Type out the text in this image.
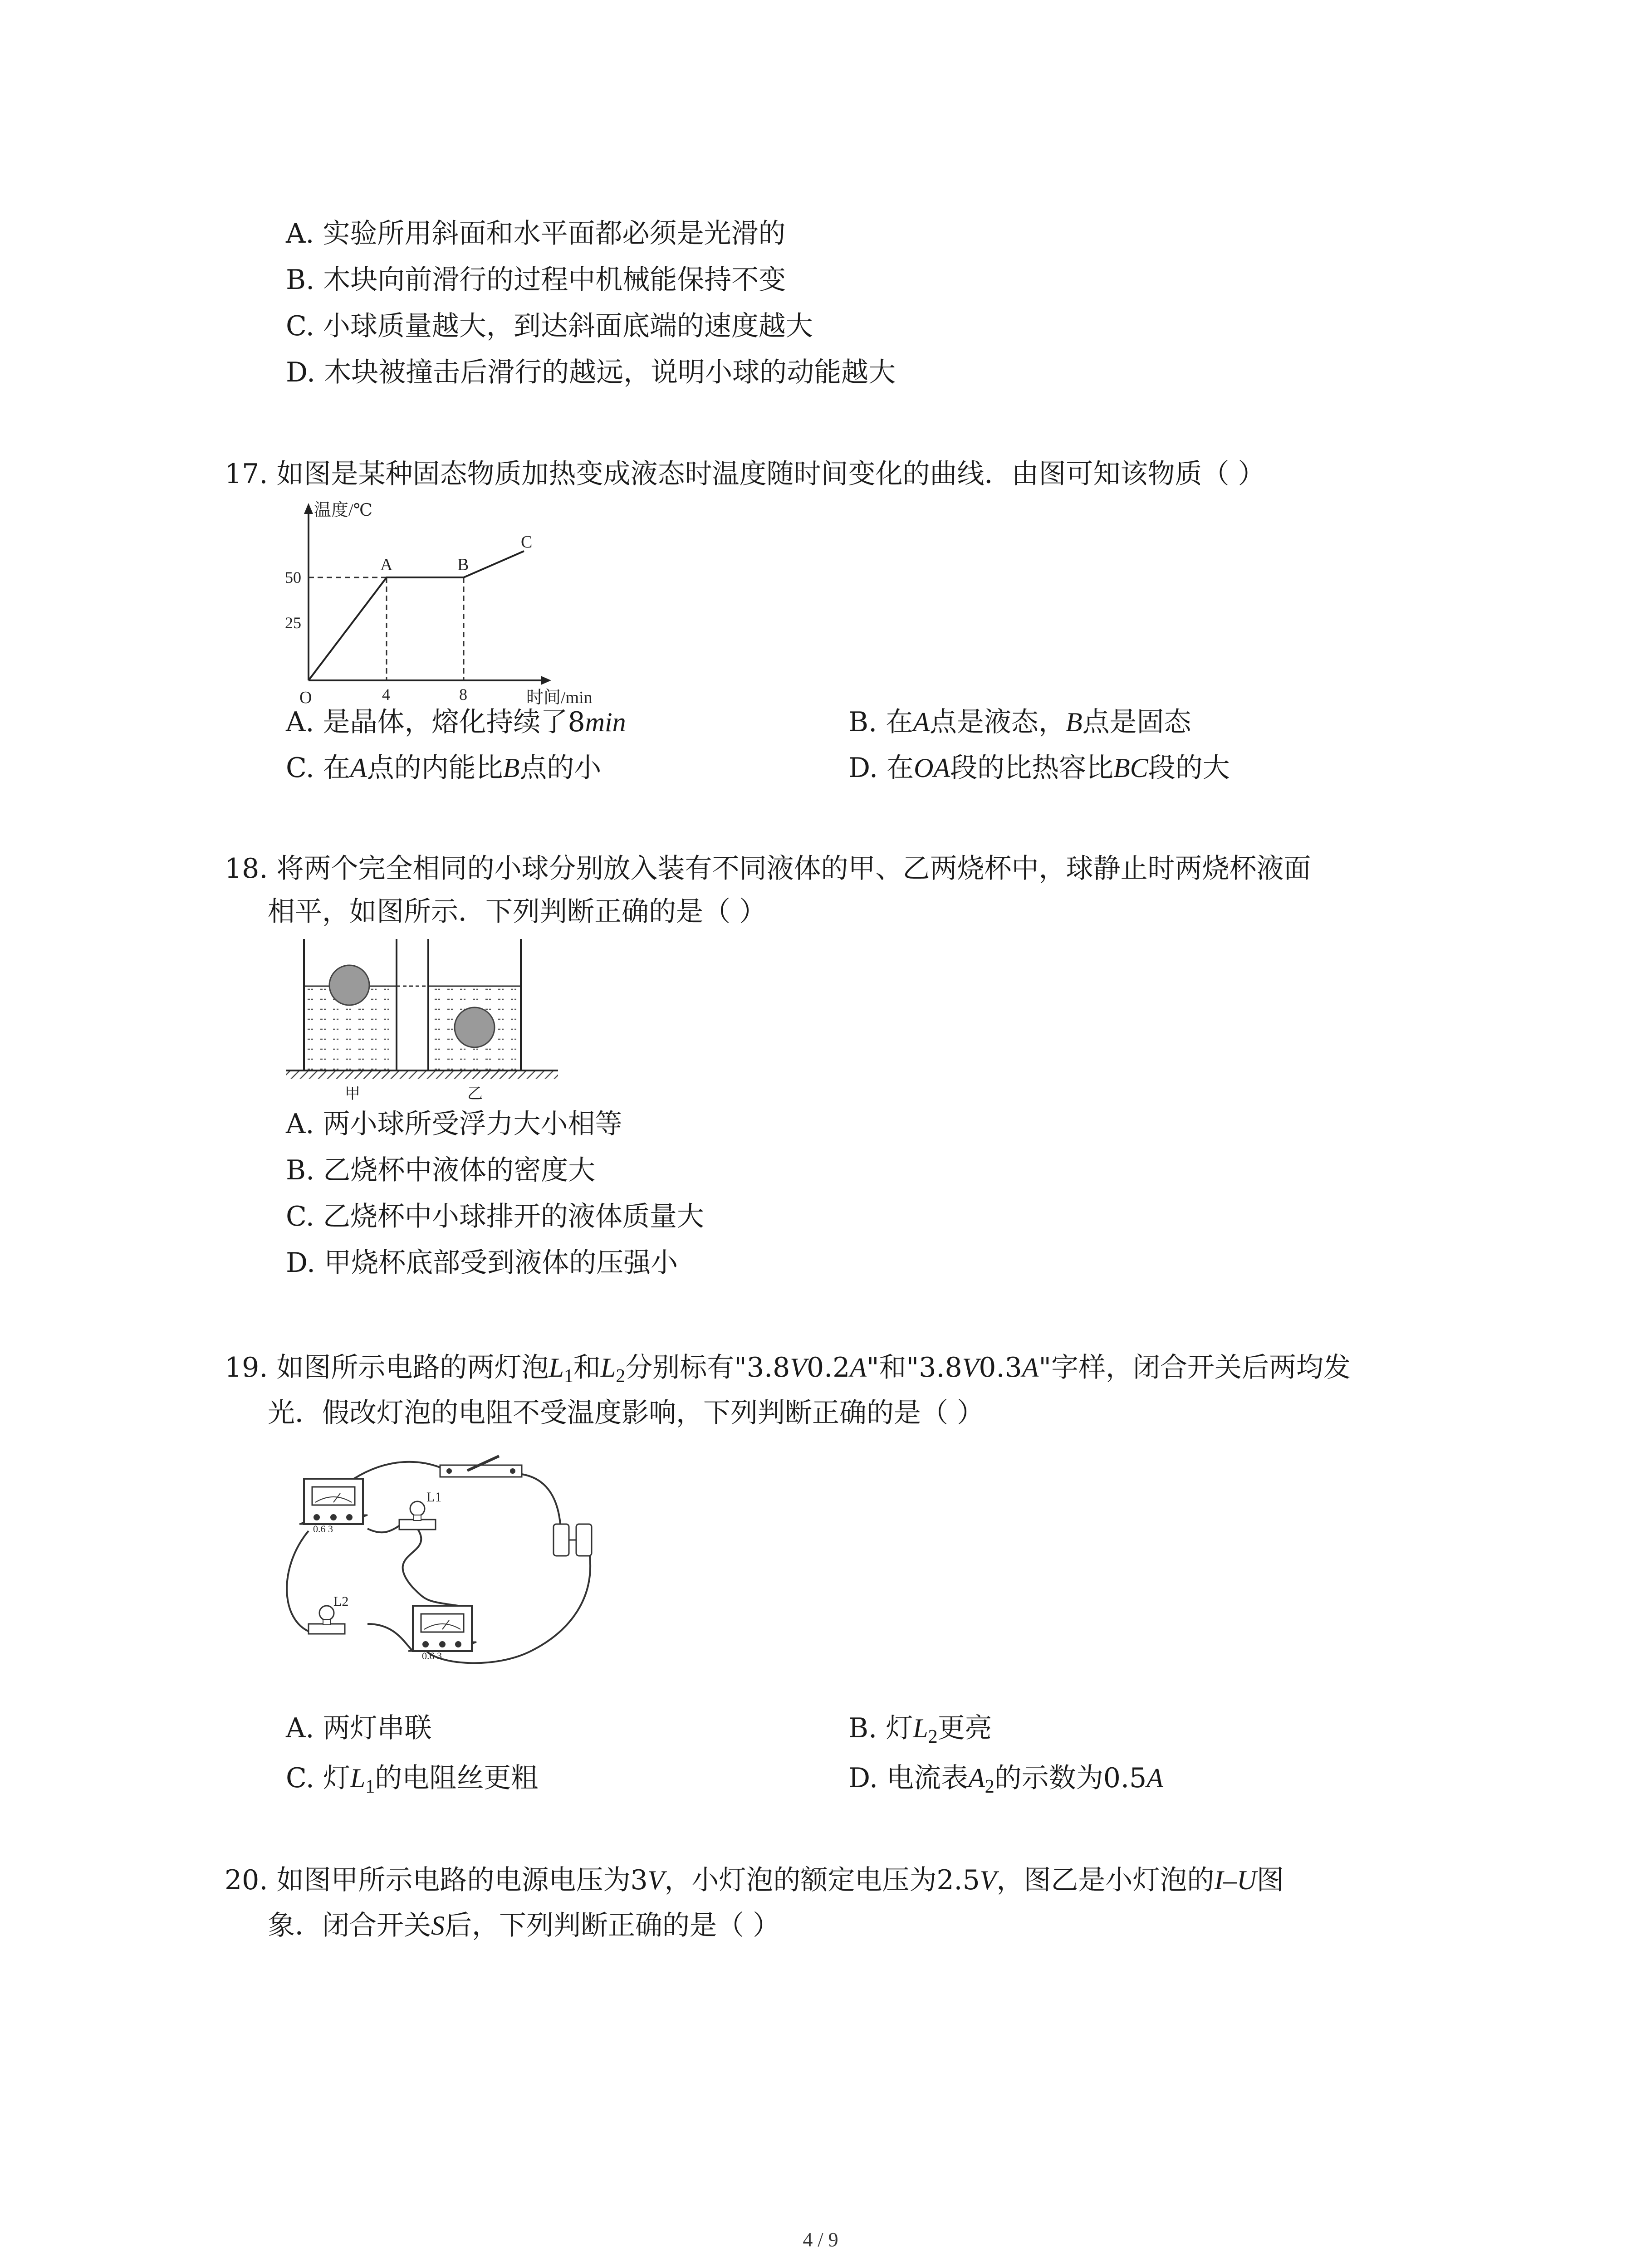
A. 实验所用斜面和水平面都必须是光滑的
B. 木块向前滑行的过程中机械能保持不变
C. 小球质量越大，到达斜面底端的速度越大
D. 木块被撞击后滑行的越远，说明小球的动能越大
17. 如图是某种固态物质加热变成液态时温度随时间变化的曲线．由图可知该物质（ ）
温度/℃
时间/min
O
50
25
4	8
A	B
C
A. 是晶体，熔化持续了8min	B. 在A点是液态，B点是固态
C. 在A点的内能比B点的小	D. 在OA段的比热容比BC段的大
18. 将两个完全相同的小球分别放入装有不同液体的甲、乙两烧杯中，球静止时两烧杯液面
相平，如图所示．下列判断正确的是（ ）
甲	乙
A. 两小球所受浮力大小相等
B. 乙烧杯中液体的密度大
C. 乙烧杯中小球排开的液体质量大
D. 甲烧杯底部受到液体的压强小
19. 如图所示电路的两灯泡$L_1$和$L_2$分别标有"3.8V0.2A"和"3.8V0.3A"字样，闭合开关后两均发
光．假改灯泡的电阻不受温度影响，下列判断正确的是（ ）
0.6 3
L1
L2
0.6 3
A. 两灯串联	B. 灯$L_2$更亮
C. 灯$L_1$的电阻丝更粗	D. 电流表$A_2$的示数为0.5A
20. 如图甲所示电路的电源电压为3V，小灯泡的额定电压为2.5V，图乙是小灯泡的I–U图
象．闭合开关S后，下列判断正确的是（ ）
4 / 9
